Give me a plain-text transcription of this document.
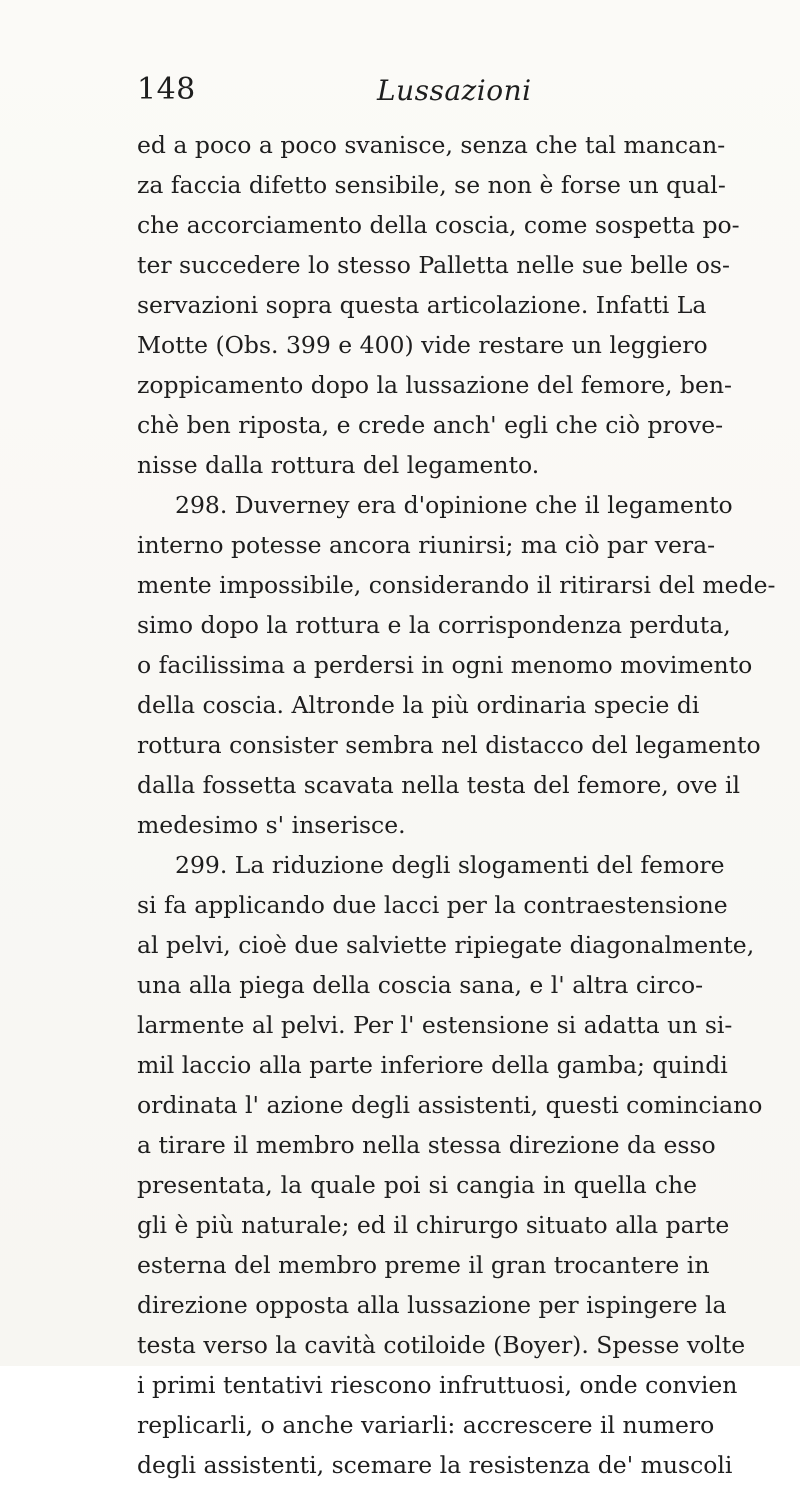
148	Lussazioni
ed a poco a poco svanisce, senza che tal mancan-
za faccia difetto sensibile, se non è forse un qual-
che accorciamento della coscia, come sospetta po-
ter succedere lo stesso Palletta nelle sue belle os-
servazioni sopra questa articolazione. Infatti La
Motte (Obs. 399 e 400) vide restare un leggiero
zoppicamento dopo la lussazione del femore, ben-
chè ben riposta, e crede anch' egli che ciò prove-
nisse dalla rottura del legamento.
298. Duverney era d'opinione che il legamento
interno potesse ancora riunirsi; ma ciò par vera-
mente impossibile, considerando il ritirarsi del mede-
simo dopo la rottura e la corrispondenza perduta,
o facilissima a perdersi in ogni menomo movimento
della coscia. Altronde la più ordinaria specie di
rottura consister sembra nel distacco del legamento
dalla fossetta scavata nella testa del femore, ove il
medesimo s' inserisce.
299. La riduzione degli slogamenti del femore
si fa applicando due lacci per la contraestensione
al pelvi, cioè due salviette ripiegate diagonalmente,
una alla piega della coscia sana, e l' altra circo-
larmente al pelvi. Per l' estensione si adatta un si-
mil laccio alla parte inferiore della gamba; quindi
ordinata l' azione degli assistenti, questi cominciano
a tirare il membro nella stessa direzione da esso
presentata, la quale poi si cangia in quella che
gli è più naturale; ed il chirurgo situato alla parte
esterna del membro preme il gran trocantere in
direzione opposta alla lussazione per ispingere la
testa verso la cavità cotiloide (Boyer). Spesse volte
i primi tentativi riescono infruttuosi, onde convien
replicarli, o anche variarli: accrescere il numero
degli assistenti, scemare la resistenza de' muscoli
